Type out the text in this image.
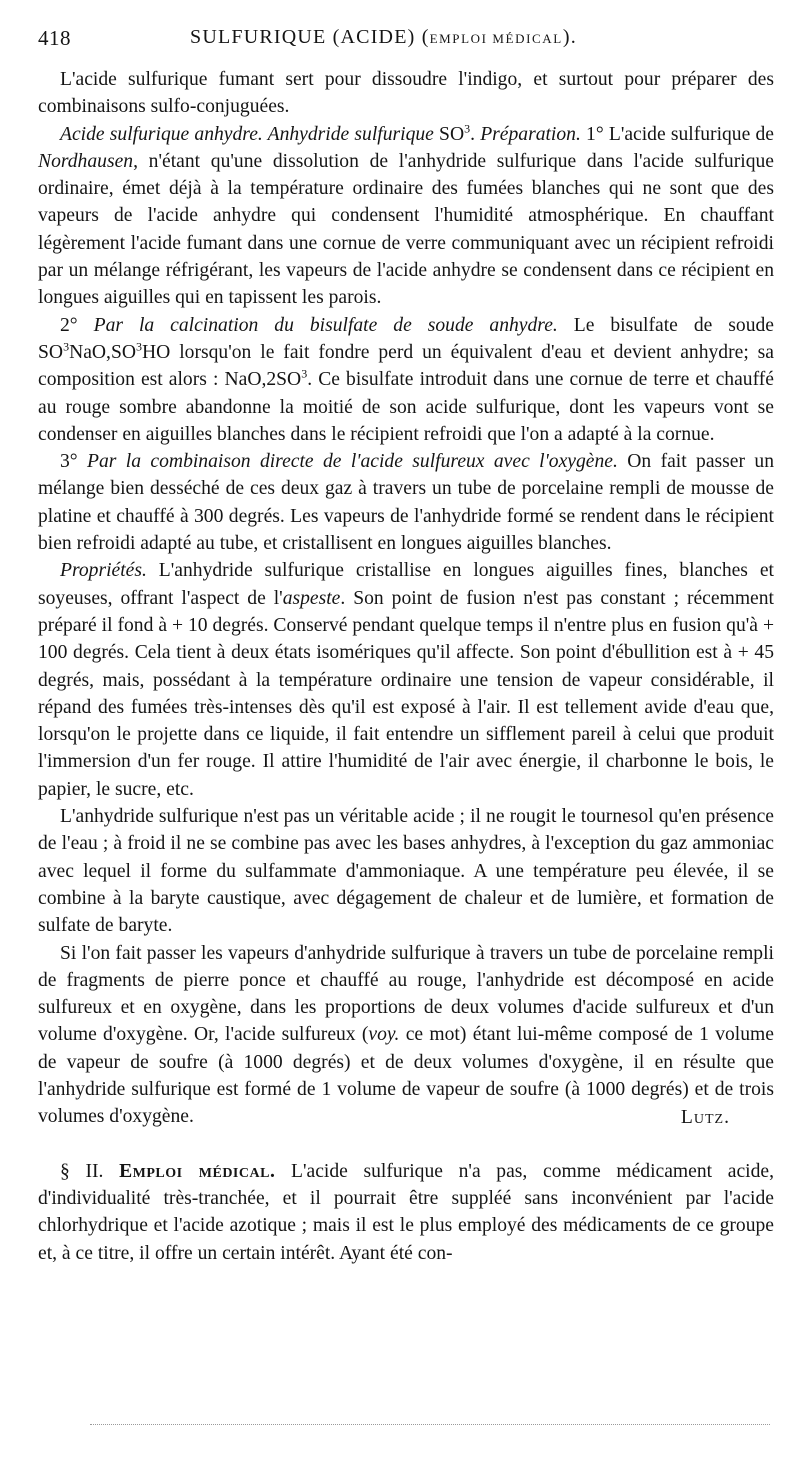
418	SULFURIQUE (ACIDE) (EMPLOI MÉDICAL).

L'acide sulfurique fumant sert pour dissoudre l'indigo, et surtout pour préparer des combinaisons sulfo-conjuguées.

Acide sulfurique anhydre. Anhydride sulfurique $SO^3$. Préparation. 1° L'acide sulfurique de Nordhausen, n'étant qu'une dissolution de l'anhydride sulfurique dans l'acide sulfurique ordinaire, émet déjà à la température ordinaire des fumées blanches qui ne sont que des vapeurs de l'acide anhydre qui condensent l'humidité atmosphérique. En chauffant légèrement l'acide fumant dans une cornue de verre communiquant avec un récipient refroidi par un mélange réfrigérant, les vapeurs de l'acide anhydre se condensent dans ce récipient en longues aiguilles qui en tapissent les parois.

2° Par la calcination du bisulfate de soude anhydre. Le bisulfate de soude $SO^3NaO,SO^3HO$ lorsqu'on le fait fondre perd un équivalent d'eau et devient anhydre; sa composition est alors : $NaO,2SO^3$. Ce bisulfate introduit dans une cornue de terre et chauffé au rouge sombre abandonne la moitié de son acide sulfurique, dont les vapeurs vont se condenser en aiguilles blanches dans le récipient refroidi que l'on a adapté à la cornue.

3° Par la combinaison directe de l'acide sulfureux avec l'oxygène. On fait passer un mélange bien desséché de ces deux gaz à travers un tube de porcelaine rempli de mousse de platine et chauffé à 300 degrés. Les vapeurs de l'anhydride formé se rendent dans le récipient bien refroidi adapté au tube, et cristallisent en longues aiguilles blanches.

Propriétés. L'anhydride sulfurique cristallise en longues aiguilles fines, blanches et soyeuses, offrant l'aspect de l'aspeste. Son point de fusion n'est pas constant ; récemment préparé il fond à + 10 degrés. Conservé pendant quelque temps il n'entre plus en fusion qu'à + 100 degrés. Cela tient à deux états isomériques qu'il affecte. Son point d'ébullition est à + 45 degrés, mais, possédant à la température ordinaire une tension de vapeur considérable, il répand des fumées très-intenses dès qu'il est exposé à l'air. Il est tellement avide d'eau que, lorsqu'on le projette dans ce liquide, il fait entendre un sifflement pareil à celui que produit l'immersion d'un fer rouge. Il attire l'humidité de l'air avec énergie, il charbonne le bois, le papier, le sucre, etc.

L'anhydride sulfurique n'est pas un véritable acide ; il ne rougit le tournesol qu'en présence de l'eau ; à froid il ne se combine pas avec les bases anhydres, à l'exception du gaz ammoniac avec lequel il forme du sulfammate d'ammoniaque. A une température peu élevée, il se combine à la baryte caustique, avec dégagement de chaleur et de lumière, et formation de sulfate de baryte.

Si l'on fait passer les vapeurs d'anhydride sulfurique à travers un tube de porcelaine rempli de fragments de pierre ponce et chauffé au rouge, l'anhydride est décomposé en acide sulfureux et en oxygène, dans les proportions de deux volumes d'acide sulfureux et d'un volume d'oxygène. Or, l'acide sulfureux (voy. ce mot) étant lui-même composé de 1 volume de vapeur de soufre (à 1000 degrés) et de deux volumes d'oxygène, il en résulte que l'anhydride sulfurique est formé de 1 volume de vapeur de soufre (à 1000 degrés) et de trois volumes d'oxygène.	Lutz.

§ II. Emploi médical. L'acide sulfurique n'a pas, comme médicament acide, d'individualité très-tranchée, et il pourrait être suppléé sans inconvénient par l'acide chlorhydrique et l'acide azotique ; mais il est le plus employé des médicaments de ce groupe et, à ce titre, il offre un certain intérêt. Ayant été con-
